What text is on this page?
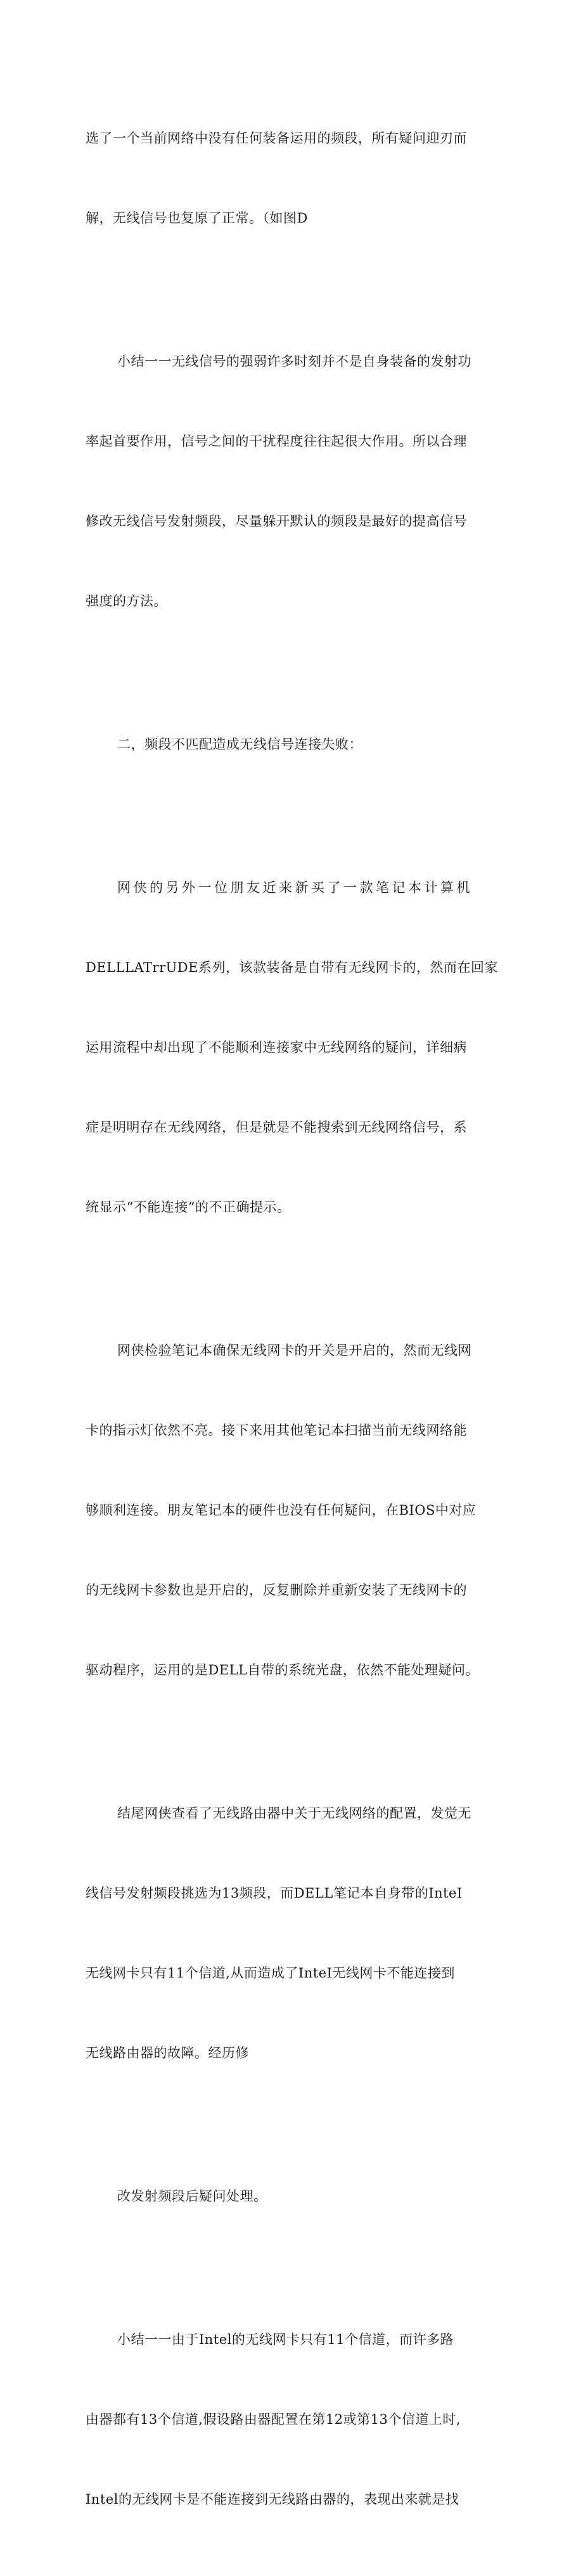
选了一个当前网络中没有任何装备运用的频段，所有疑问迎刃而

解，无线信号也复原了正常。（如图D

小结一一无线信号的强弱许多时刻并不是自身装备的发射功

率起首要作用，信号之间的干扰程度往往起很大作用。所以合理

修改无线信号发射频段，尽量躲开默认的频段是最好的提高信号

强度的方法。

二，频段不匹配造成无线信号连接失败：

网侠的另外一位朋友近来新买了一款笔记本计算机

DELLLATrrUDE系列，该款装备是自带有无线网卡的，然而在回家

运用流程中却出现了不能顺利连接家中无线网络的疑问，详细病

症是明明存在无线网络，但是就是不能搜索到无线网络信号，系

统显示“不能连接”的不正确提示。

网侠检验笔记本确保无线网卡的开关是开启的，然而无线网

卡的指示灯依然不亮。接下来用其他笔记本扫描当前无线网络能

够顺利连接。朋友笔记本的硬件也没有任何疑问，在BIOS中对应

的无线网卡参数也是开启的，反复删除并重新安装了无线网卡的

驱动程序，运用的是DELL自带的系统光盘，依然不能处理疑问。

结尾网侠查看了无线路由器中关于无线网络的配置，发觉无

线信号发射频段挑选为13频段，而DELL笔记本自身带的InteI

无线网卡只有11个信道,从而造成了InteI无线网卡不能连接到

无线路由器的故障。经历修

改发射频段后疑问处理。

小结一一由于Intel的无线网卡只有11个信道，而许多路

由器都有13个信道,假设路由器配置在第12或第13个信道上时,

Intel的无线网卡是不能连接到无线路由器的，表现出来就是找
